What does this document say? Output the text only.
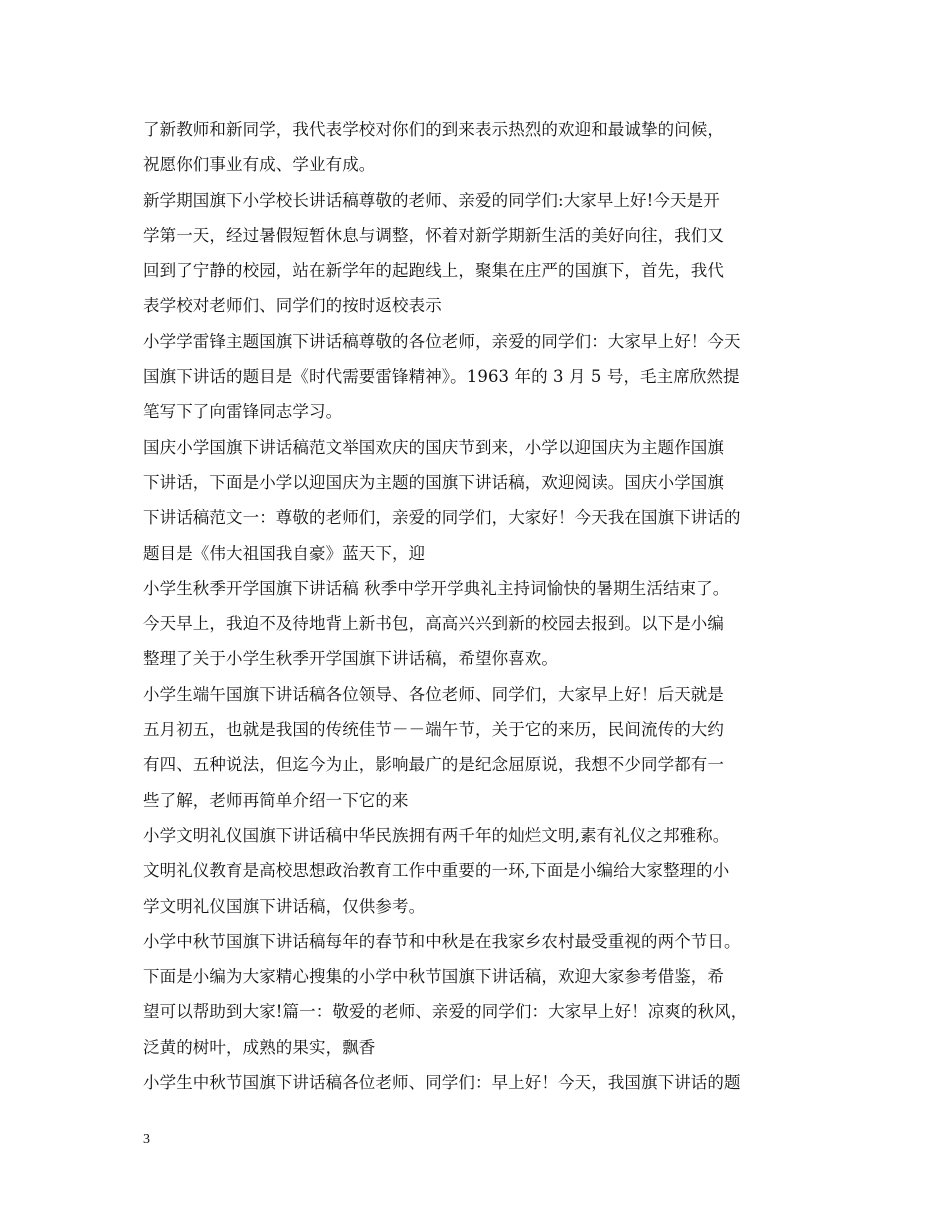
了新教师和新同学，我代表学校对你们的到来表示热烈的欢迎和最诚挚的问候，
祝愿你们事业有成、学业有成。
新学期国旗下小学校长讲话稿尊敬的老师、亲爱的同学们:大家早上好!今天是开
学第一天，经过暑假短暂休息与调整，怀着对新学期新生活的美好向往，我们又
回到了宁静的校园，站在新学年的起跑线上，聚集在庄严的国旗下，首先，我代
表学校对老师们、同学们的按时返校表示
小学学雷锋主题国旗下讲话稿尊敬的各位老师，亲爱的同学们：大家早上好！今天
国旗下讲话的题目是《时代需要雷锋精神》。1963 年的 3 月 5 号，毛主席欣然提
笔写下了向雷锋同志学习。
国庆小学国旗下讲话稿范文举国欢庆的国庆节到来，小学以迎国庆为主题作国旗
下讲话，下面是小学以迎国庆为主题的国旗下讲话稿，欢迎阅读。国庆小学国旗
下讲话稿范文一：尊敬的老师们，亲爱的同学们，大家好！今天我在国旗下讲话的
题目是《伟大祖国我自豪》蓝天下，迎
小学生秋季开学国旗下讲话稿 秋季中学开学典礼主持词愉快的暑期生活结束了。
今天早上，我迫不及待地背上新书包，高高兴兴到新的校园去报到。以下是小编
整理了关于小学生秋季开学国旗下讲话稿，希望你喜欢。
小学生端午国旗下讲话稿各位领导、各位老师、同学们，大家早上好！后天就是
五月初五，也就是我国的传统佳节－－端午节，关于它的来历，民间流传的大约
有四、五种说法，但迄今为止，影响最广的是纪念屈原说，我想不少同学都有一
些了解，老师再简单介绍一下它的来
小学文明礼仪国旗下讲话稿中华民族拥有两千年的灿烂文明,素有礼仪之邦雅称。
文明礼仪教育是高校思想政治教育工作中重要的一环,下面是小编给大家整理的小
学文明礼仪国旗下讲话稿，仅供参考。
小学中秋节国旗下讲话稿每年的春节和中秋是在我家乡农村最受重视的两个节日。
下面是小编为大家精心搜集的小学中秋节国旗下讲话稿，欢迎大家参考借鉴，希
望可以帮助到大家!篇一：敬爱的老师、亲爱的同学们：大家早上好！凉爽的秋风，
泛黄的树叶，成熟的果实，飘香
小学生中秋节国旗下讲话稿各位老师、同学们：早上好！今天，我国旗下讲话的题
3
